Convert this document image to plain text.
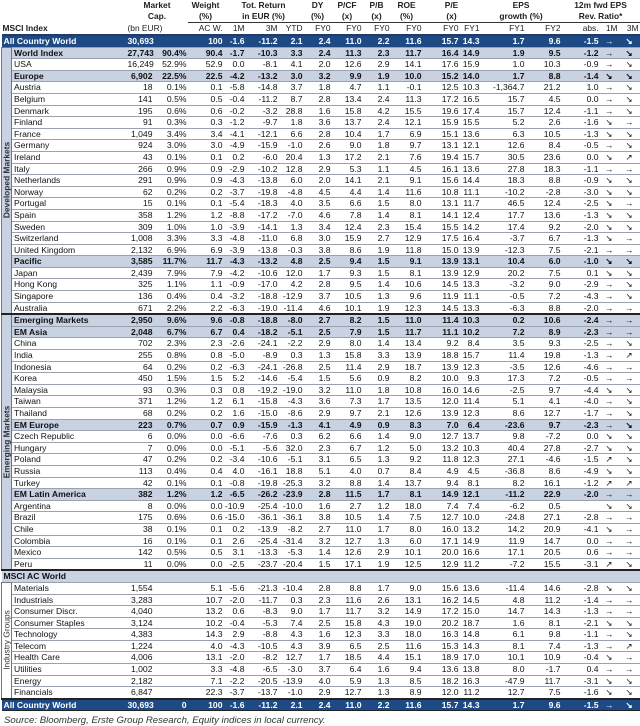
		Market		Weight	Tot. Return			DY	P/CF	P/B	ROE	P/E		EPS		12m fwd EPS		
		Cap.		(%)	in EUR (%)			(%)	(x)	(x)	(%)	(x)		growth (%)		Rev. Ratio*		
MSCI Index		(bn EUR)		AC W.	1M	3M	YTD	FY0	FY0	FY0	FY0	FY0	FY1	FY1	FY2	abs.	1M	3M
All Country World		30,693		100	-1.6	-11.2	2.1	2.4	11.0	2.2	11.6	15.7	14.3	1.7	9.6	-1.5	→	↘

Developed Markets	World Index	27,743	90.4%	90.4	-1.7	-10.3	3.3	2.4	11.3	2.3	11.7	16.4	14.9	1.9	9.5	-1.2	→	↘
	USA	16,249	52.9%	52.9	0.0	-8.1	4.1	2.0	12.6	2.9	14.1	17.6	15.9	1.0	10.3	-0.9	→	↘
	Europe	6,902	22.5%	22.5	-4.2	-13.2	3.0	3.2	9.9	1.9	10.0	15.2	14.0	1.7	8.8	-1.4	↘	↘
	Austria	18	0.1%	0.1	-5.8	-14.8	3.7	1.8	4.7	1.1	-0.1	12.5	10.3	-1,364.7	21.2	1.0	→	↘
	Belgium	141	0.5%	0.5	-0.4	-11.2	8.7	2.8	13.4	2.4	11.3	17.2	16.5	15.7	4.5	0.0	→	↘
	Denmark	195	0.6%	0.6	-0.2	-3.2	28.8	1.6	15.8	4.2	15.5	19.6	17.4	15.7	12.4	-1.1	→	↘
	Finland	91	0.3%	0.3	-1.2	-9.7	1.8	3.6	13.7	2.4	12.1	15.9	15.5	5.2	2.6	-1.6	↘	→
	France	1,049	3.4%	3.4	-4.1	-12.1	6.6	2.8	10.4	1.7	6.9	15.1	13.6	6.3	10.5	-1.3	↘	↘
	Germany	924	3.0%	3.0	-4.9	-15.9	-1.0	2.6	9.0	1.8	9.7	13.1	12.1	12.6	8.4	-0.5	→	↘
	Ireland	43	0.1%	0.1	0.2	-6.0	20.4	1.3	17.2	2.1	7.6	19.4	15.7	30.5	23.6	0.0	↘	↗
	Italy	266	0.9%	0.9	-2.9	-10.2	12.8	2.9	5.3	1.1	4.5	16.1	13.6	27.8	18.3	-1.1	→	→
	Netherlands	291	0.9%	0.9	-4.3	-13.8	6.0	2.0	14.1	2.1	9.1	15.6	14.4	18.3	8.8	-0.9	↘	↘
	Norway	62	0.2%	0.2	-3.7	-19.8	-4.8	4.5	4.4	1.4	11.6	10.8	11.1	-10.2	-2.8	-3.0	↘	↘
	Portugal	15	0.1%	0.1	-5.4	-18.3	4.0	3.5	6.6	1.5	8.0	13.1	11.7	46.5	12.4	-2.5	↘	→
	Spain	358	1.2%	1.2	-8.8	-17.2	-7.0	4.6	7.8	1.4	8.1	14.1	12.4	17.7	13.6	-1.3	↘	↘
	Sweden	309	1.0%	1.0	-3.9	-14.1	1.3	3.4	12.4	2.3	15.4	15.5	14.2	17.4	9.2	-2.0	↘	↘
	Switzerland	1,008	3.3%	3.3	-4.8	-11.0	6.8	3.0	15.9	2.7	12.9	17.5	16.4	-3.7	6.7	-1.3	↘	→
	United Kingdom	2,132	6.9%	6.9	-3.9	-13.8	-0.3	3.8	8.6	1.9	11.8	15.0	13.9	-12.3	7.5	-2.1	→	→
	Pacific	3,585	11.7%	11.7	-4.3	-13.2	4.8	2.5	9.4	1.5	9.1	13.9	13.1	10.4	6.0	-1.0	↘	↘
	Japan	2,439	7.9%	7.9	-4.2	-10.6	12.0	1.7	9.3	1.5	8.1	13.9	12.9	20.2	7.5	0.1	↘	↘
	Hong Kong	325	1.1%	1.1	-0.9	-17.0	4.2	2.8	9.5	1.4	10.6	14.5	13.3	-3.2	9.0	-2.9	→	↘
	Singapore	136	0.4%	0.4	-3.2	-18.8	-12.9	3.7	10.5	1.3	9.6	11.9	11.1	-0.5	7.2	-4.3	→	↘
	Australia	671	2.2%	2.2	-6.3	-19.0	-11.4	4.6	10.1	1.9	12.3	14.5	13.3	-6.3	8.8	-2.0	→	→

Emerging Markets	Emerging Markets	2,950	9.6%	9.6	-0.8	-18.8	-8.0	2.7	8.2	1.5	11.0	11.4	10.3	0.2	10.6	-2.4	→	→
	EM Asia	2,048	6.7%	6.7	0.4	-18.2	-5.1	2.5	7.9	1.5	11.7	11.1	10.2	7.2	8.9	-2.3	→	→
	China	702	2.3%	2.3	-2.6	-24.1	-2.2	2.9	8.0	1.4	13.4	9.2	8.4	3.5	9.3	-2.5	→	↘
	India	255	0.8%	0.8	-5.0	-8.9	0.3	1.3	15.8	3.3	13.9	18.8	15.7	11.4	19.8	-1.3	→	↗
	Indonesia	64	0.2%	0.2	-6.3	-24.1	-26.8	2.5	11.4	2.9	18.7	13.9	12.3	-3.5	12.6	-4.6	→	→
	Korea	450	1.5%	1.5	5.2	-14.6	-5.4	1.5	5.6	0.9	8.2	10.0	9.3	17.3	7.2	-0.5	→	→
	Malaysia	93	0.3%	0.3	0.8	-19.2	-19.0	3.2	11.0	1.8	10.8	16.0	14.6	-2.5	9.7	-4.4	↘	↘
	Taiwan	371	1.2%	1.2	6.1	-15.8	-4.3	3.6	7.3	1.7	13.5	12.0	11.4	5.1	4.1	-4.0	→	↘
	Thailand	68	0.2%	0.2	1.6	-15.0	-8.6	2.9	9.7	2.1	12.6	13.9	12.3	8.6	12.7	-1.7	→	↘
	EM Europe	223	0.7%	0.7	0.9	-15.9	-1.3	4.1	4.9	0.9	8.3	7.0	6.4	-23.6	9.7	-2.3	→	↘
	Czech Republic	6	0.0%	0.0	-6.6	-7.6	0.3	6.2	6.6	1.4	9.0	12.7	13.7	9.8	-7.2	0.0	↘	↘
	Hungary	7	0.0%	0.0	-5.1	-5.6	32.0	2.3	6.7	1.2	5.0	13.2	10.3	40.4	27.8	-2.7	↘	↘
	Poland	47	0.2%	0.2	-3.4	-10.6	-5.1	3.1	6.5	1.3	9.2	11.8	12.3	27.1	-4.6	-1.5	↗	↘
	Russia	113	0.4%	0.4	4.0	-16.1	18.8	5.1	4.0	0.7	8.4	4.9	4.5	-36.8	8.6	-4.9	↘	↘
	Turkey	42	0.1%	0.1	-0.8	-19.8	-25.3	3.2	8.8	1.4	13.7	9.4	8.1	8.2	16.1	-1.2	↗	↗
	EM Latin America	382	1.2%	1.2	-6.5	-26.2	-23.9	2.8	11.5	1.7	8.1	14.9	12.1	-11.2	22.9	-2.0	→	→
	Argentina	8	0.0%	0.0	-10.9	-25.4	-10.0	1.6	2.7	1.2	18.0	7.4	7.4	-6.2	0.5		↘	↘
	Brazil	175	0.6%	0.6	-15.0	-36.1	-36.1	3.8	10.5	1.4	7.5	12.7	10.0	-24.8	27.1	-2.8	→	→
	Chile	38	0.1%	0.1	0.2	-13.9	-8.2	2.7	11.0	1.7	8.0	16.0	13.2	14.2	20.9	-4.1	↘	→
	Colombia	16	0.1%	0.1	2.6	-25.4	-31.4	3.2	12.7	1.3	6.0	17.1	14.9	11.9	14.7	0.0	→	→
	Mexico	142	0.5%	0.5	3.1	-13.3	-5.3	1.4	12.6	2.9	10.1	20.0	16.6	17.1	20.5	0.6	→	→
	Peru	11	0.0%	0.0	-2.5	-23.7	-20.4	1.5	17.1	1.9	12.5	12.9	11.2	-7.2	15.5	-3.1	↗	↘
MSCI AC World																		

Industry Groups	Materials	1,554		5.1	-5.6	-21.3	-10.4	2.8	8.8	1.7	9.0	15.6	13.6	-11.4	14.6	-2.8	↘	↘
	Industrials	3,283		10.7	-2.0	-11.7	0.3	2.3	11.6	2.6	13.1	16.2	14.5	4.8	11.2	-1.4	→	→
	Consumer Discr.	4,040		13.2	0.6	-8.3	9.0	1.7	11.7	3.2	14.9	17.2	15.0	14.7	14.3	-1.3	→	→
	Consumer Staples	3,124		10.2	-0.4	-5.3	7.4	2.5	15.8	4.3	19.0	20.2	18.7	1.6	8.1	-2.1	↘	↘
	Technology	4,383		14.3	2.9	-8.8	4.3	1.6	12.3	3.3	18.0	16.3	14.8	6.1	9.8	-1.1	→	↘
	Telecom	1,224		4.0	-4.3	-10.5	4.3	3.9	6.5	2.5	11.6	15.3	14.3	8.1	7.4	-1.3	→	↗
	Health Care	4,006		13.1	-2.0	-8.2	12.7	1.7	18.5	4.4	15.1	18.9	17.0	10.1	10.9	-0.4	↘	→
	Utilities	1,002		3.3	-4.8	-6.5	-3.0	3.7	6.4	1.6	9.4	13.6	13.8	8.0	-1.7	0.4	→	→
	Energy	2,182		7.1	-2.2	-20.5	-13.9	4.0	5.9	1.3	8.5	18.2	16.3	-47.9	11.7	-3.1	↘	↘
	Financials	6,847		22.3	-3.7	-13.7	-1.0	2.9	12.7	1.3	8.9	12.0	11.2	12.7	7.5	-1.6	↘	↘
All Country World		30,693	0	100	-1.6	-11.2	2.1	2.4	11.0	2.2	11.6	15.7	14.3	1.7	9.6	-1.5	→	↘
Source: Bloomberg, Erste Group Research, Equity indices in local currency.
